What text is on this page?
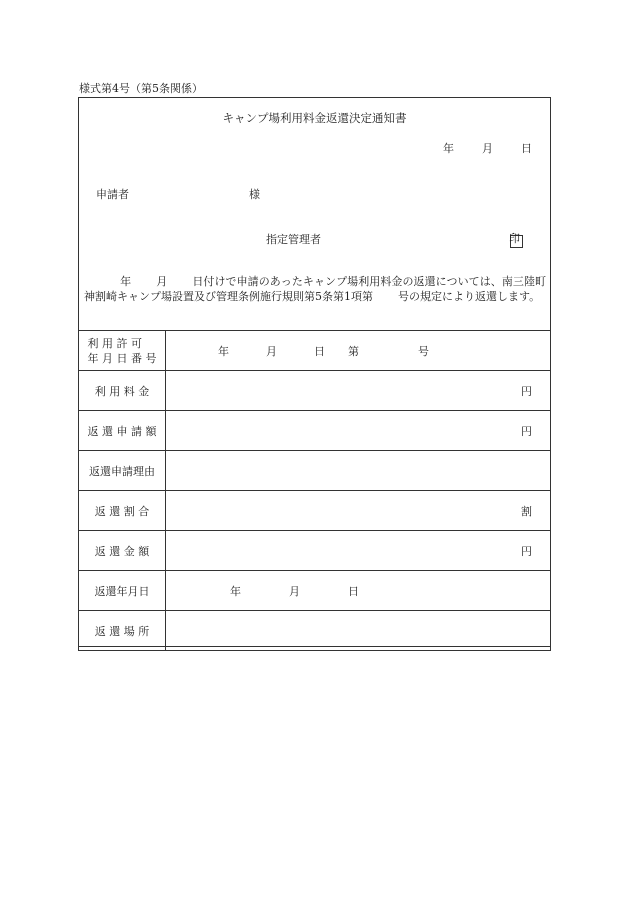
様式第4号（第5条関係）
キャンプ場利用料金返還決定通知書
年	月	日
申請者	様
指定管理者	印
年 月 日付けで申請のあったキャンプ場利用料金の返還については、南三陸町神割崎キャンプ場設置及び管理条例施行規則第5条第1項第 号の規定により返還します。
利 用 許 可
年 月 日 番 号	年 月 日 第 号

利 用 料 金	円

返 還 申 請 額	円

返還申請理由	
返 還 割 合	割

返 還 金 額	円

返還年月日	年 月 日

返 還 場 所	
